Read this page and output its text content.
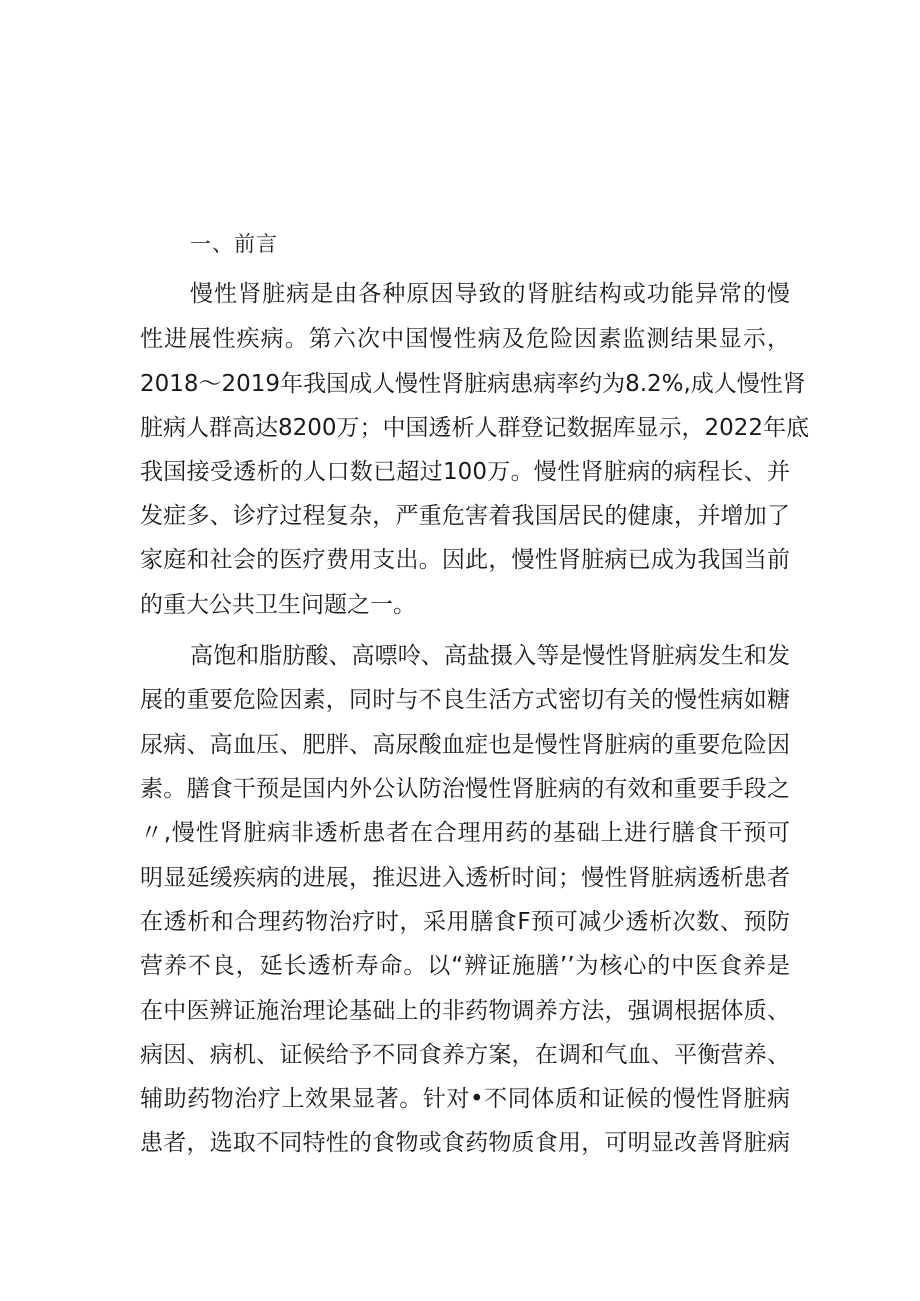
一、前言

慢性肾脏病是由各种原因导致的肾脏结构或功能异常的慢

性进展性疾病。第六次中国慢性病及危险因素监测结果显示，

2018～2019年我国成人慢性肾脏病患病率约为8.2%,成人慢性肾

脏病人群高达8200万；中国透析人群登记数据库显示，2022年底

我国接受透析的人口数已超过100万。慢性肾脏病的病程长、并

发症多、诊疗过程复杂，严重危害着我国居民的健康，并增加了

家庭和社会的医疗费用支出。因此，慢性肾脏病已成为我国当前

的重大公共卫生问题之一。

高饱和脂肪酸、高嘌呤、高盐摄入等是慢性肾脏病发生和发

展的重要危险因素，同时与不良生活方式密切有关的慢性病如糖

尿病、高血压、肥胖、高尿酸血症也是慢性肾脏病的重要危险因

素。膳食干预是国内外公认防治慢性肾脏病的有效和重要手段之

〃,慢性肾脏病非透析患者在合理用药的基础上进行膳食干预可

明显延缓疾病的进展，推迟进入透析时间；慢性肾脏病透析患者

在透析和合理药物治疗时，采用膳食F预可减少透析次数、预防

营养不良，延长透析寿命。以“辨证施膳’’为核心的中医食养是

在中医辨证施治理论基础上的非药物调养方法，强调根据体质、

病因、病机、证候给予不同食养方案，在调和气血、平衡营养、

辅助药物治疗上效果显著。针对•不同体质和证候的慢性肾脏病

患者，选取不同特性的食物或食药物质食用，可明显改善肾脏病
